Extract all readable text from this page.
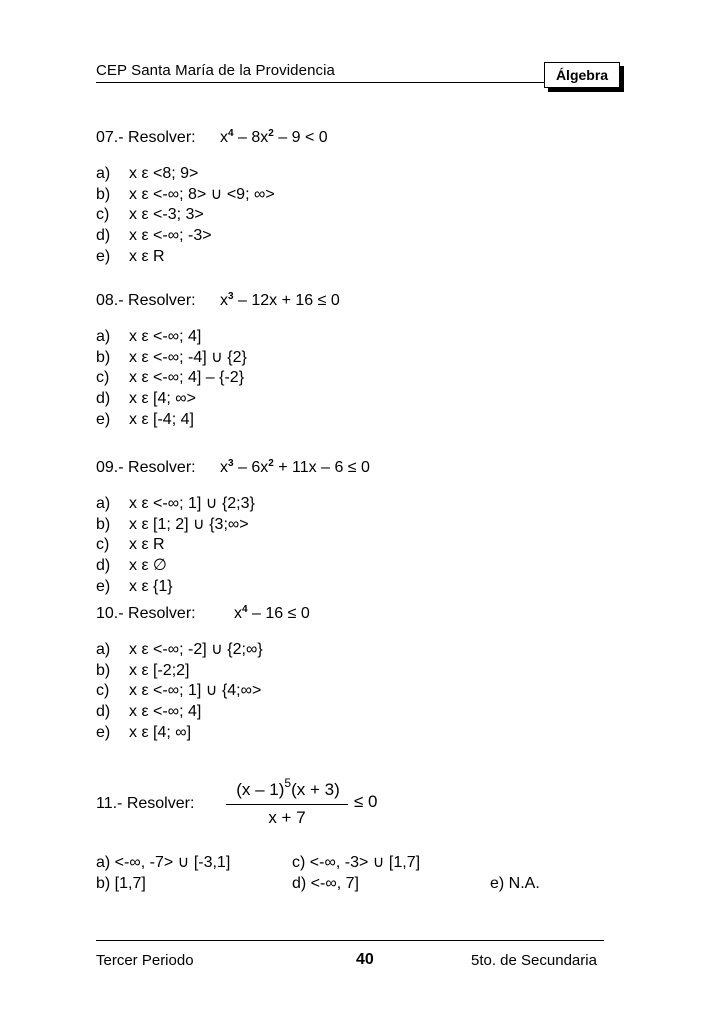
CEP Santa María de la Providencia	Álgebra
07.- Resolver: $x^4 - 8x^2 - 9 < 0$
a) x ε <8; 9>
b) x ε <-∞; 8> ∪ <9; ∞>
c) x ε <-3; 3>
d) x ε <-∞; -3>
e) x ε R
08.- Resolver: $x^3 - 12x + 16 \le 0$
a) x ε <-∞; 4]
b) x ε <-∞; -4] ∪ {2}
c) x ε <-∞; 4] – {-2}
d) x ε [4; ∞>
e) x ε [-4; 4]
09.- Resolver: $x^3 - 6x^2 + 11x - 6 \le 0$
a) x ε <-∞; 1] ∪ {2;3}
b) x ε [1; 2] ∪ {3;∞>
c) x ε R
d) x ε ∅
e) x ε {1}
10.- Resolver: $x^4 - 16 \le 0$
a) x ε <-∞; -2] ∪ {2;∞}
b) x ε [-2;2]
c) x ε <-∞; 1] ∪ {4;∞>
d) x ε <-∞; 4]
e) x ε [4; ∞]
11.- Resolver:
(x – 1)$^5$(x + 3)
x + 7
≤ 0
a) <-∞, -7> ∪ [-3,1]	c) <-∞, -3> ∪ [1,7]
b) [1,7]	d) <-∞, 7]	e) N.A.
Tercer Periodo	40	5to. de Secundaria
